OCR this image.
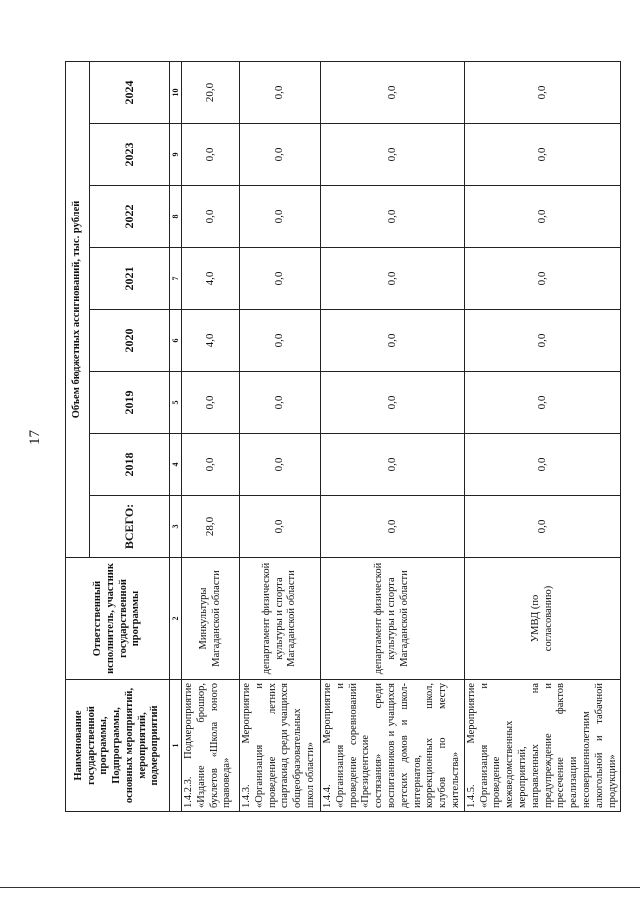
17
Наименование государственной программы, Подпрограммы, основных мероприятий, мероприятий, подмероприятий	Ответственный исполнитель, участник государственной программы	Объем бюджетных ассигнований, тыс. рублей							
		ВСЕГО:	2018	2019	2020	2021	2022	2023	2024
1	2	3	4	5	6	7	8	9	10
1.4.2.3. Подмероприятие «Издание брошюр, буклетов «Школа юного правоведа»	Минкультуры Магаданской области	28,0	0,0	0,0	4,0	4,0	0,0	0,0	20,0
1.4.3. Мероприятие «Организация и проведение летних спартакиад среди учащихся общеобразовательных школ области»	департамент физической культуры и спорта Магаданской области	0,0	0,0	0,0	0,0	0,0	0,0	0,0	0,0
1.4.4. Мероприятие «Организация и проведение соревнований «Президентские состязания» среди воспитанников и учащихся детских домов и школ-интернатов, коррекционных школ, клубов по месту жительства»	департамент физической культуры и спорта Магаданской области	0,0	0,0	0,0	0,0	0,0	0,0	0,0	0,0
1.4.5. Мероприятие «Организация и проведение межведомственных мероприятий, направленных на предупреждение и пресечение фактов реализации несовершеннолетним алкогольной и табачной продукции»	УМВД (по согласованию)	0,0	0,0	0,0	0,0	0,0	0,0	0,0	0,0
